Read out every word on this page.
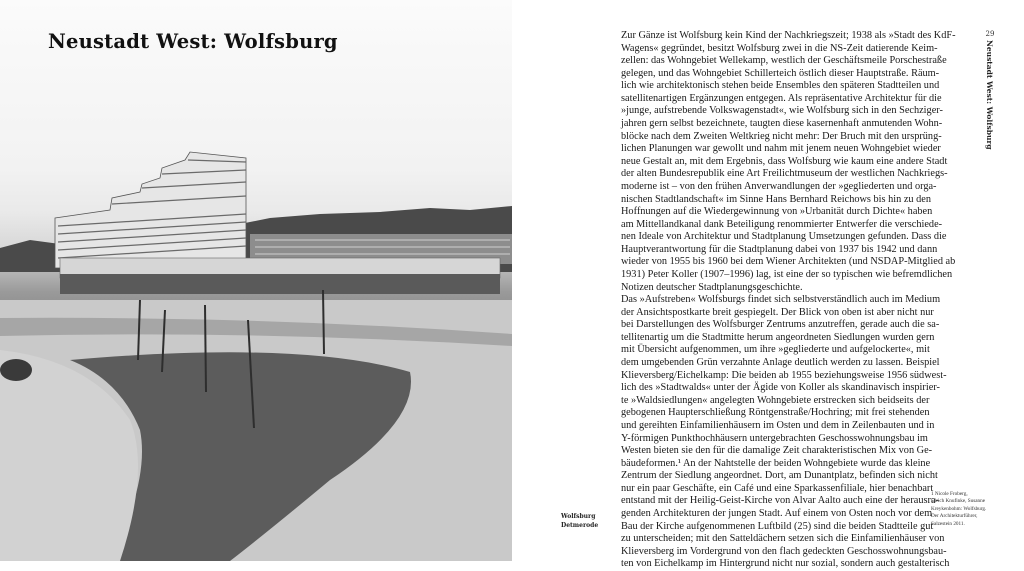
Neustadt West: Wolfsburg
Wolfsburg
Detmerode
Zur Gänze ist Wolfsburg kein Kind der Nachkriegszeit; 1938 als »Stadt des KdF-
Wagens« gegründet, besitzt Wolfsburg zwei in die NS-Zeit datierende Keim-
zellen: das Wohngebiet Wellekamp, westlich der Geschäftsmeile Porschestraße
gelegen, und das Wohngebiet Schillerteich östlich dieser Hauptstraße. Räum-
lich wie architektonisch stehen beide Ensembles den späteren Stadtteilen und
satellitenartigen Ergänzungen entgegen. Als repräsentative Architektur für die
»junge, aufstrebende Volkswagenstadt«, wie Wolfsburg sich in den Sechziger-
jahren gern selbst bezeichnete, taugten diese kasernenhaft anmutenden Wohn-
blöcke nach dem Zweiten Weltkrieg nicht mehr: Der Bruch mit den ursprüng-
lichen Planungen war gewollt und nahm mit jenem neuen Wohngebiet wieder
neue Gestalt an, mit dem Ergebnis, dass Wolfsburg wie kaum eine andere Stadt
der alten Bundesrepublik eine Art Freilichtmuseum der westlichen Nachkriegs-
moderne ist – von den frühen Anverwandlungen der »gegliederten und orga-
nischen Stadtlandschaft« im Sinne Hans Bernhard Reichows bis hin zu den
Hoffnungen auf die Wiedergewinnung von »Urbanität durch Dichte« haben
am Mittellandkanal dank Beteiligung renommierter Entwerfer die verschiede-
nen Ideale von Architektur und Stadtplanung Umsetzungen gefunden. Dass die
Hauptverantwortung für die Stadtplanung dabei von 1937 bis 1942 und dann
wieder von 1955 bis 1960 bei dem Wiener Architekten (und NSDAP-Mitglied ab
1931) Peter Koller (1907–1996) lag, ist eine der so typischen wie befremdlichen
Notizen deutscher Stadtplanungsgeschichte.
Das »Aufstreben« Wolfsburgs findet sich selbstverständlich auch im Medium
der Ansichtspostkarte breit gespiegelt. Der Blick von oben ist aber nicht nur
bei Darstellungen des Wolfsburger Zentrums anzutreffen, gerade auch die sa-
tellitenartig um die Stadtmitte herum angeordneten Siedlungen wurden gern
mit Übersicht aufgenommen, um ihre »gegliederte und aufgelockerte«, mit
dem umgebenden Grün verzahnte Anlage deutlich werden zu lassen. Beispiel
Klieversberg/Eichelkamp: Die beiden ab 1955 beziehungsweise 1956 südwest-
lich des »Stadtwalds« unter der Ägide von Koller als skandinavisch inspirier-
te »Waldsiedlungen« angelegten Wohngebiete erstrecken sich beidseits der
gebogenen Haupterschließung Röntgenstraße/Hochring; mit frei stehenden
und gereihten Einfamilienhäusern im Osten und dem in Zeilenbauten und in
Y-förmigen Punkthochhäusern untergebrachten Geschosswohnungsbau im
Westen bieten sie den für die damalige Zeit charakteristischen Mix von Ge-
bäudeformen.¹ An der Nahtstelle der beiden Wohngebiete wurde das kleine
Zentrum der Siedlung angeordnet. Dort, am Dunantplatz, befinden sich nicht
nur ein paar Geschäfte, ein Café und eine Sparkassenfiliale, hier benachbart
entstand mit der Heilig-Geist-Kirche von Alvar Aalto auch eine der herausra-
genden Architekturen der jungen Stadt. Auf einem von Osten noch vor dem
Bau der Kirche aufgenommenen Luftbild (25) sind die beiden Stadtteile gut
zu unterscheiden; mit den Satteldächern setzen sich die Einfamilienhäuser von
Klieversberg im Vordergrund von den flach gedeckten Geschosswohnungsbau-
ten von Eichelkamp im Hintergrund nicht nur sozial, sondern auch gestalterisch
29
Neustadt West: Wolfsburg
1 Nicole Froberg,
Ulrich Knufinke, Susanne
Kreykenbohm: Wolfsburg.
Der Architekturführer,
Salzestein 2011.
